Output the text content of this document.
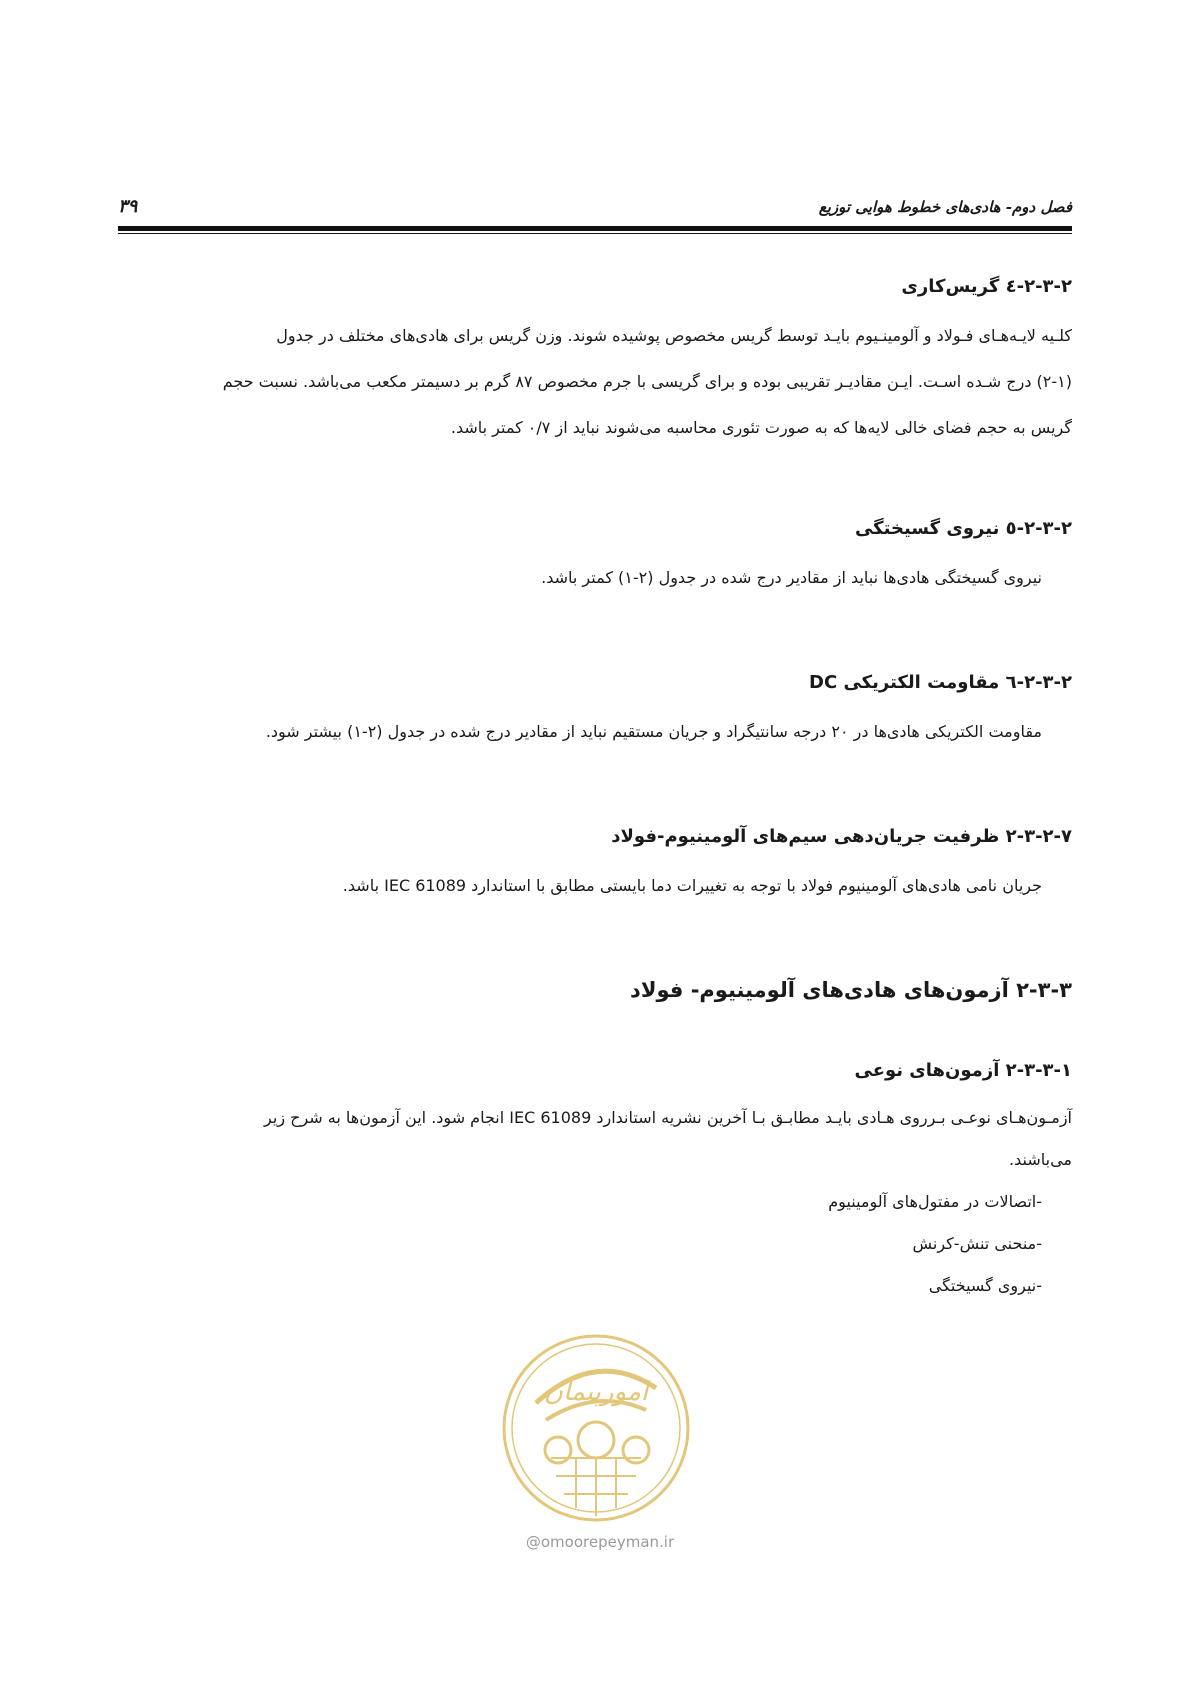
فصل دوم- هادی‌های خطوط هوایی توزیع
۳۹
۲-۳-۲-٤ گریس‌کاری
کلـیه لایـه‌هـای فـولاد و آلومینـیوم بایـد توسط گریس مخصوص پوشیده شوند. وزن گریس برای هادی‌های مختلف در جدول
(۲-۱) درج شـده اسـت. ایـن مقادیـر تقریبی بوده و برای گریسی با جرم مخصوص ۸۷ گرم بر دسیمتر مکعب می‌باشد. نسبت حجم
گریس به حجم فضای خالی لایه‌ها که به صورت تئوری محاسبه می‌شوند نباید از ۰/۷ کمتر باشد.
۲-۳-۲-٥ نیروی گسیختگی
نیروی گسیختگی هادی‌ها نباید از مقادیر درج شده در جدول (۲-۱) کمتر باشد.
۲-۳-۲-٦ مقاومت الکتریکی DC
مقاومت الکتریکی هادی‌ها در ۲۰ درجه سانتیگراد و جریان مستقیم نباید از مقادیر درج شده در جدول (۲-۱) بیشتر شود.
۲-۳-۲-۷ ظرفیت جریان‌دهی سیم‌های آلومینیوم-فولاد
جریان نامی هادی‌های آلومینیوم فولاد با توجه به تغییرات دما بایستی مطابق با استاندارد IEC 61089 باشد.
۲-۳-۳ آزمون‌های هادی‌های آلومینیوم- فولاد
۲-۳-۳-۱ آزمون‌های نوعی
آزمـون‌هـای نوعـی بـرروی هـادی بایـد مطابـق بـا آخرین نشریه استاندارد IEC 61089 انجام شود. این آزمون‌ها به شرح زیر
می‌باشند.
-اتصالات در مفتول‌های آلومینیوم
-منحنی تنش-کرنش
-نیروی گسیختگی
امورپیمان
@omoorepeyman.ir
